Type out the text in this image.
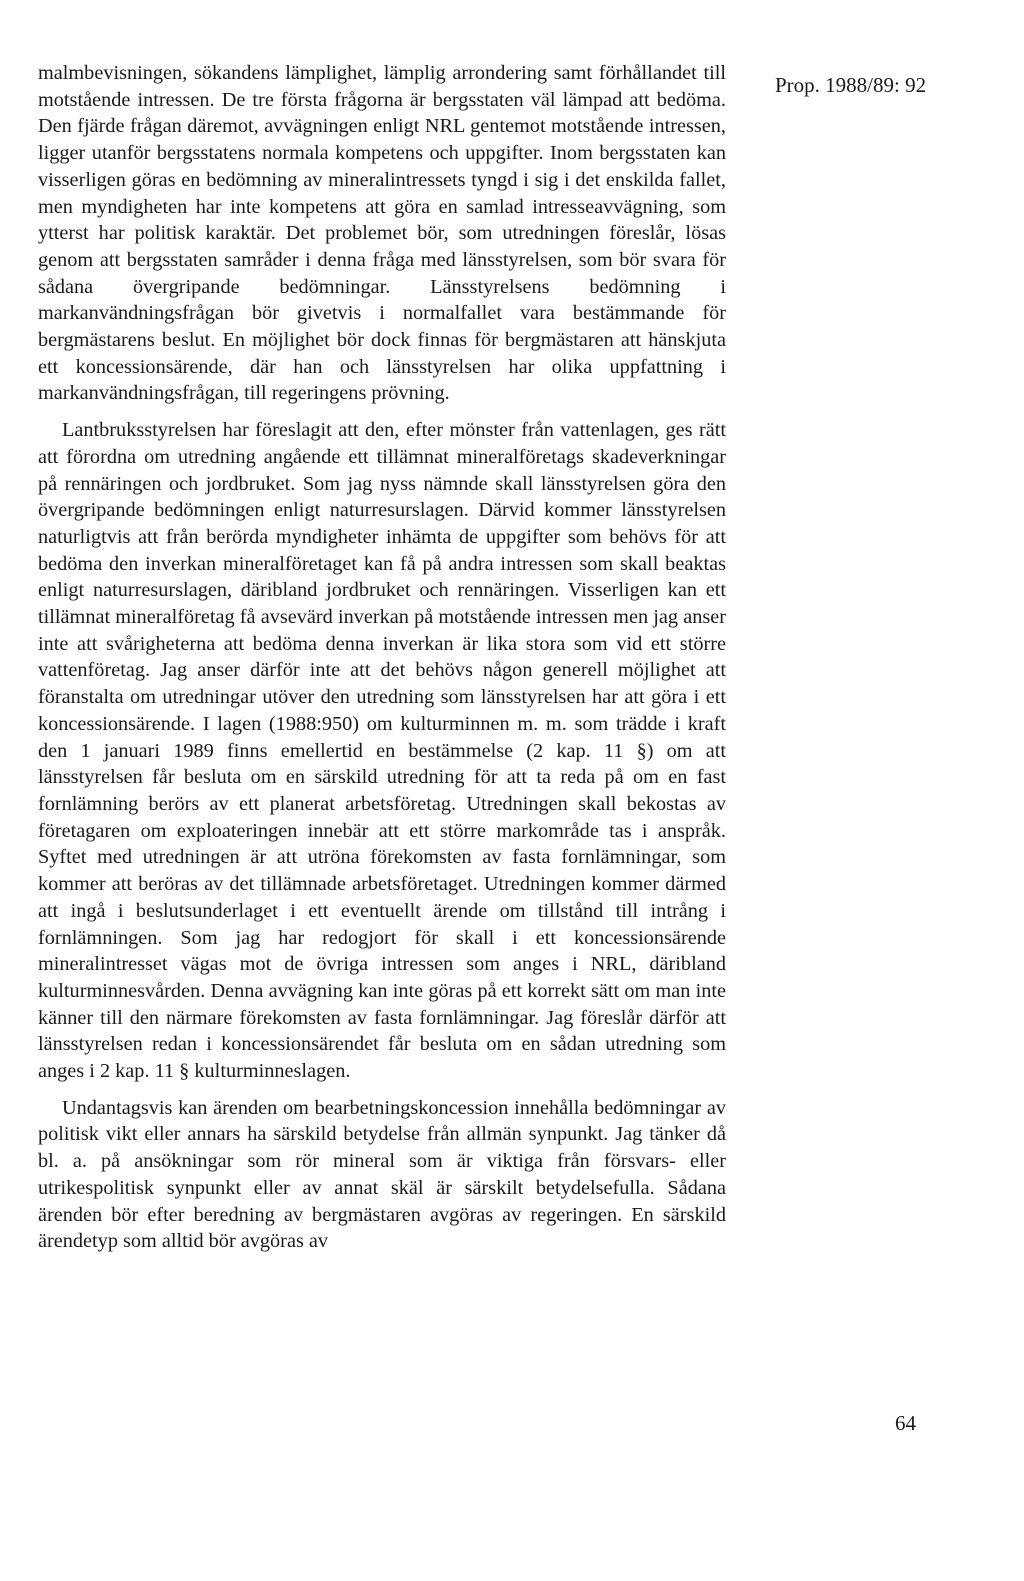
Prop. 1988/89: 92

malmbevisningen, sökandens lämplighet, lämplig arrondering samt förhållandet till motstående intressen. De tre första frågorna är bergsstaten väl lämpad att bedöma. Den fjärde frågan däremot, avvägningen enligt NRL gentemot motstående intressen, ligger utanför bergsstatens normala kompetens och uppgifter. Inom bergsstaten kan visserligen göras en bedömning av mineralintressets tyngd i sig i det enskilda fallet, men myndigheten har inte kompetens att göra en samlad intresseavvägning, som ytterst har politisk karaktär. Det problemet bör, som utredningen föreslår, lösas genom att bergsstaten samråder i denna fråga med länsstyrelsen, som bör svara för sådana övergripande bedömningar. Länsstyrelsens bedömning i markanvändningsfrågan bör givetvis i normalfallet vara bestämmande för bergmästarens beslut. En möjlighet bör dock finnas för bergmästaren att hänskjuta ett koncessionsärende, där han och länsstyrelsen har olika uppfattning i markanvändningsfrågan, till regeringens prövning.

Lantbruksstyrelsen har föreslagit att den, efter mönster från vattenlagen, ges rätt att förordna om utredning angående ett tillämnat mineralföretags skadeverkningar på rennäringen och jordbruket. Som jag nyss nämnde skall länsstyrelsen göra den övergripande bedömningen enligt naturresurslagen. Därvid kommer länsstyrelsen naturligtvis att från berörda myndigheter inhämta de uppgifter som behövs för att bedöma den inverkan mineralföretaget kan få på andra intressen som skall beaktas enligt naturresurslagen, däribland jordbruket och rennäringen. Visserligen kan ett tillämnat mineralföretag få avsevärd inverkan på motstående intressen men jag anser inte att svårigheterna att bedöma denna inverkan är lika stora som vid ett större vattenföretag. Jag anser därför inte att det behövs någon generell möjlighet att föranstalta om utredningar utöver den utredning som länsstyrelsen har att göra i ett koncessionsärende. I lagen (1988:950) om kulturminnen m. m. som trädde i kraft den 1 januari 1989 finns emellertid en bestämmelse (2 kap. 11 §) om att länsstyrelsen får besluta om en särskild utredning för att ta reda på om en fast fornlämning berörs av ett planerat arbetsföretag. Utredningen skall bekostas av företagaren om exploateringen innebär att ett större markområde tas i anspråk. Syftet med utredningen är att utröna förekomsten av fasta fornlämningar, som kommer att beröras av det tillämnade arbetsföretaget. Utredningen kommer därmed att ingå i beslutsunderlaget i ett eventuellt ärende om tillstånd till intrång i fornlämningen. Som jag har redogjort för skall i ett koncessionsärende mineralintresset vägas mot de övriga intressen som anges i NRL, däribland kulturminnesvården. Denna avvägning kan inte göras på ett korrekt sätt om man inte känner till den närmare förekomsten av fasta fornlämningar. Jag föreslår därför att länsstyrelsen redan i koncessionsärendet får besluta om en sådan utredning som anges i 2 kap. 11 § kulturminneslagen.

Undantagsvis kan ärenden om bearbetningskoncession innehålla bedömningar av politisk vikt eller annars ha särskild betydelse från allmän synpunkt. Jag tänker då bl. a. på ansökningar som rör mineral som är viktiga från försvars- eller utrikespolitisk synpunkt eller av annat skäl är särskilt betydelsefulla. Sådana ärenden bör efter beredning av bergmästaren avgöras av regeringen. En särskild ärendetyp som alltid bör avgöras av

64
